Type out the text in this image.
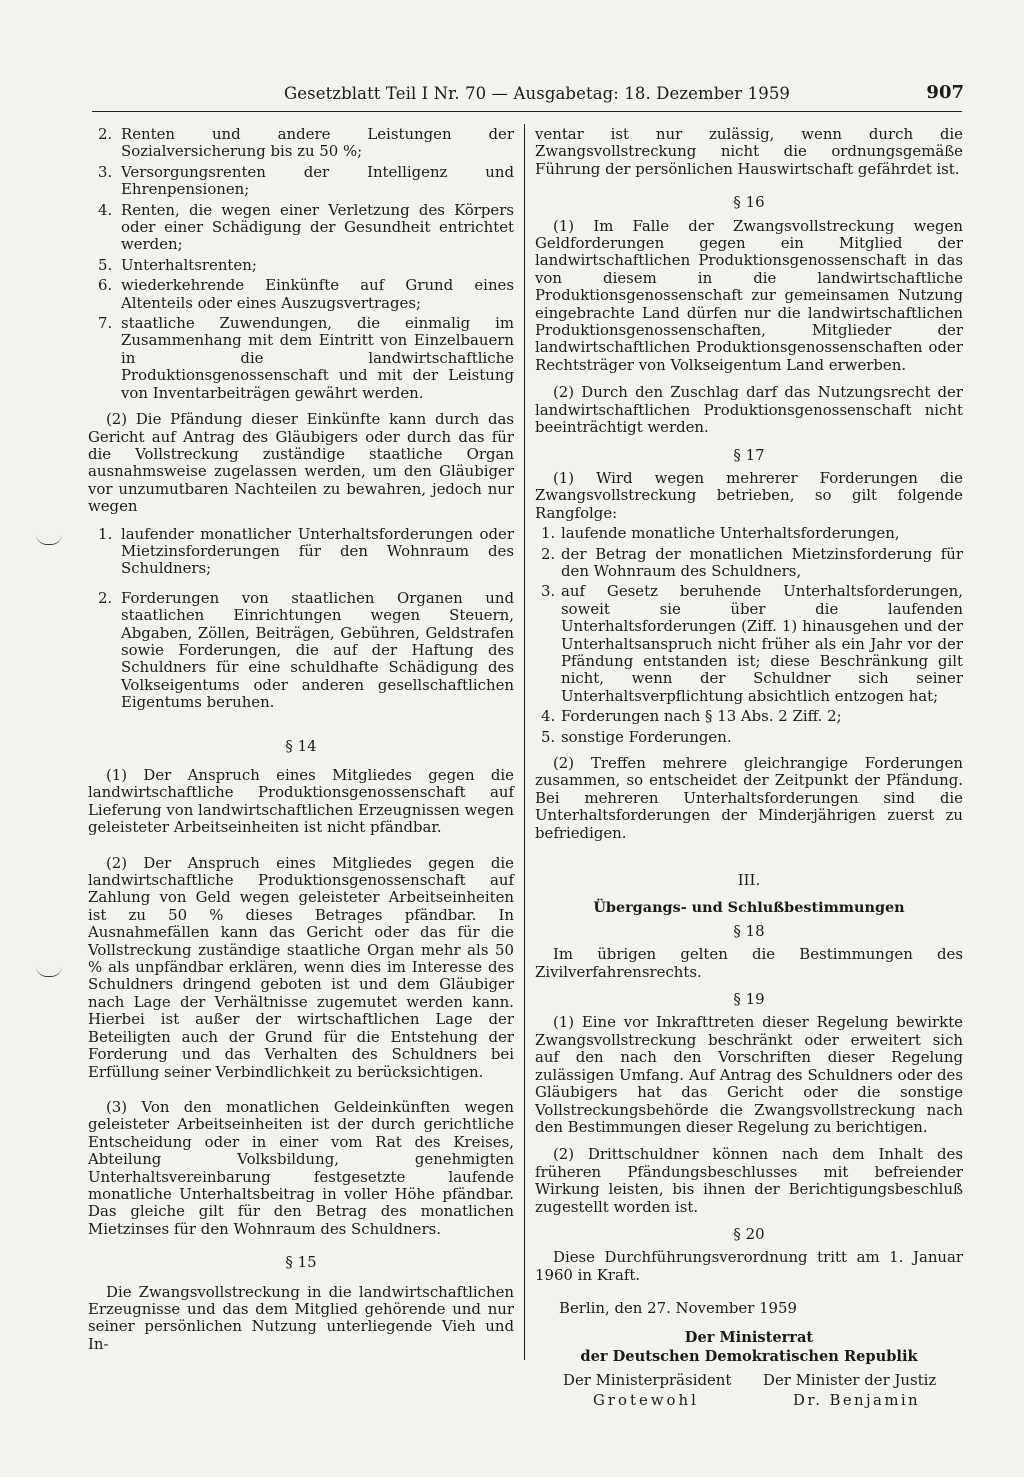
Gesetzblatt Teil I Nr. 70 — Ausgabetag: 18. Dezember 1959	907
2. Renten und andere Leistungen der Sozialversicherung bis zu 50 %;
3. Versorgungsrenten der Intelligenz und Ehrenpensionen;
4. Renten, die wegen einer Verletzung des Körpers oder einer Schädigung der Gesundheit entrichtet werden;
5. Unterhaltsrenten;
6. wiederkehrende Einkünfte auf Grund eines Altenteils oder eines Auszugsvertrages;
7. staatliche Zuwendungen, die einmalig im Zusammenhang mit dem Eintritt von Einzelbauern in die landwirtschaftliche Produktionsgenossenschaft und mit der Leistung von Inventarbeiträgen gewährt werden.

(2) Die Pfändung dieser Einkünfte kann durch das Gericht auf Antrag des Gläubigers oder durch das für die Vollstreckung zuständige staatliche Organ ausnahmsweise zugelassen werden, um den Gläubiger vor unzumutbaren Nachteilen zu bewahren, jedoch nur wegen

1. laufender monatlicher Unterhaltsforderungen oder Mietzinsforderungen für den Wohnraum des Schuldners;
2. Forderungen von staatlichen Organen und staatlichen Einrichtungen wegen Steuern, Abgaben, Zöllen, Beiträgen, Gebühren, Geldstrafen sowie Forderungen, die auf der Haftung des Schuldners für eine schuldhafte Schädigung des Volkseigentums oder anderen gesellschaftlichen Eigentums beruhen.
§ 14

(1) Der Anspruch eines Mitgliedes gegen die landwirtschaftliche Produktionsgenossenschaft auf Lieferung von landwirtschaftlichen Erzeugnissen wegen geleisteter Arbeitseinheiten ist nicht pfändbar.

(2) Der Anspruch eines Mitgliedes gegen die landwirtschaftliche Produktionsgenossenschaft auf Zahlung von Geld wegen geleisteter Arbeitseinheiten ist zu 50 % dieses Betrages pfändbar. In Ausnahmefällen kann das Gericht oder das für die Vollstreckung zuständige staatliche Organ mehr als 50 % als unpfändbar erklären, wenn dies im Interesse des Schuldners dringend geboten ist und dem Gläubiger nach Lage der Verhältnisse zugemutet werden kann. Hierbei ist außer der wirtschaftlichen Lage der Beteiligten auch der Grund für die Entstehung der Forderung und das Verhalten des Schuldners bei Erfüllung seiner Verbindlichkeit zu berücksichtigen.

(3) Von den monatlichen Geldeinkünften wegen geleisteter Arbeitseinheiten ist der durch gerichtliche Entscheidung oder in einer vom Rat des Kreises, Abteilung Volksbildung, genehmigten Unterhaltsvereinbarung festgesetzte laufende monatliche Unterhaltsbeitrag in voller Höhe pfändbar. Das gleiche gilt für den Betrag des monatlichen Mietzinses für den Wohnraum des Schuldners.

§ 15

Die Zwangsvollstreckung in die landwirtschaftlichen Erzeugnisse und das dem Mitglied gehörende und nur seiner persönlichen Nutzung unterliegende Vieh und In-

ventar ist nur zulässig, wenn durch die Zwangsvollstreckung nicht die ordnungsgemäße Führung der persönlichen Hauswirtschaft gefährdet ist.

§ 16

(1) Im Falle der Zwangsvollstreckung wegen Geldforderungen gegen ein Mitglied der landwirtschaftlichen Produktionsgenossenschaft in das von diesem in die landwirtschaftliche Produktionsgenossenschaft zur gemeinsamen Nutzung eingebrachte Land dürfen nur die landwirtschaftlichen Produktionsgenossenschaften, Mitglieder der landwirtschaftlichen Produktionsgenossenschaften oder Rechtsträger von Volkseigentum Land erwerben.

(2) Durch den Zuschlag darf das Nutzungsrecht der landwirtschaftlichen Produktionsgenossenschaft nicht beeinträchtigt werden.

§ 17

(1) Wird wegen mehrerer Forderungen die Zwangsvollstreckung betrieben, so gilt folgende Rangfolge:

1. laufende monatliche Unterhaltsforderungen,
2. der Betrag der monatlichen Mietzinsforderung für den Wohnraum des Schuldners,
3. auf Gesetz beruhende Unterhaltsforderungen, soweit sie über die laufenden Unterhaltsforderungen (Ziff. 1) hinausgehen und der Unterhaltsanspruch nicht früher als ein Jahr vor der Pfändung entstanden ist; diese Beschränkung gilt nicht, wenn der Schuldner sich seiner Unterhaltsverpflichtung absichtlich entzogen hat;
4. Forderungen nach § 13 Abs. 2 Ziff. 2;
5. sonstige Forderungen.

(2) Treffen mehrere gleichrangige Forderungen zusammen, so entscheidet der Zeitpunkt der Pfändung. Bei mehreren Unterhaltsforderungen sind die Unterhaltsforderungen der Minderjährigen zuerst zu befriedigen.

III.
Übergangs- und Schlußbestimmungen
§ 18

Im übrigen gelten die Bestimmungen des Zivilverfahrensrechts.

§ 19

(1) Eine vor Inkrafttreten dieser Regelung bewirkte Zwangsvollstreckung beschränkt oder erweitert sich auf den nach den Vorschriften dieser Regelung zulässigen Umfang. Auf Antrag des Schuldners oder des Gläubigers hat das Gericht oder die sonstige Vollstreckungsbehörde die Zwangsvollstreckung nach den Bestimmungen dieser Regelung zu berichtigen.

(2) Drittschuldner können nach dem Inhalt des früheren Pfändungsbeschlusses mit befreiender Wirkung leisten, bis ihnen der Berichtigungsbeschluß zugestellt worden ist.

§ 20

Diese Durchführungsverordnung tritt am 1. Januar 1960 in Kraft.

Berlin, den 27. November 1959
Der Ministerrat
der Deutschen Demokratischen Republik
Der Ministerpräsident
Grotewohl
Der Minister der Justiz
Dr. Benjamin
